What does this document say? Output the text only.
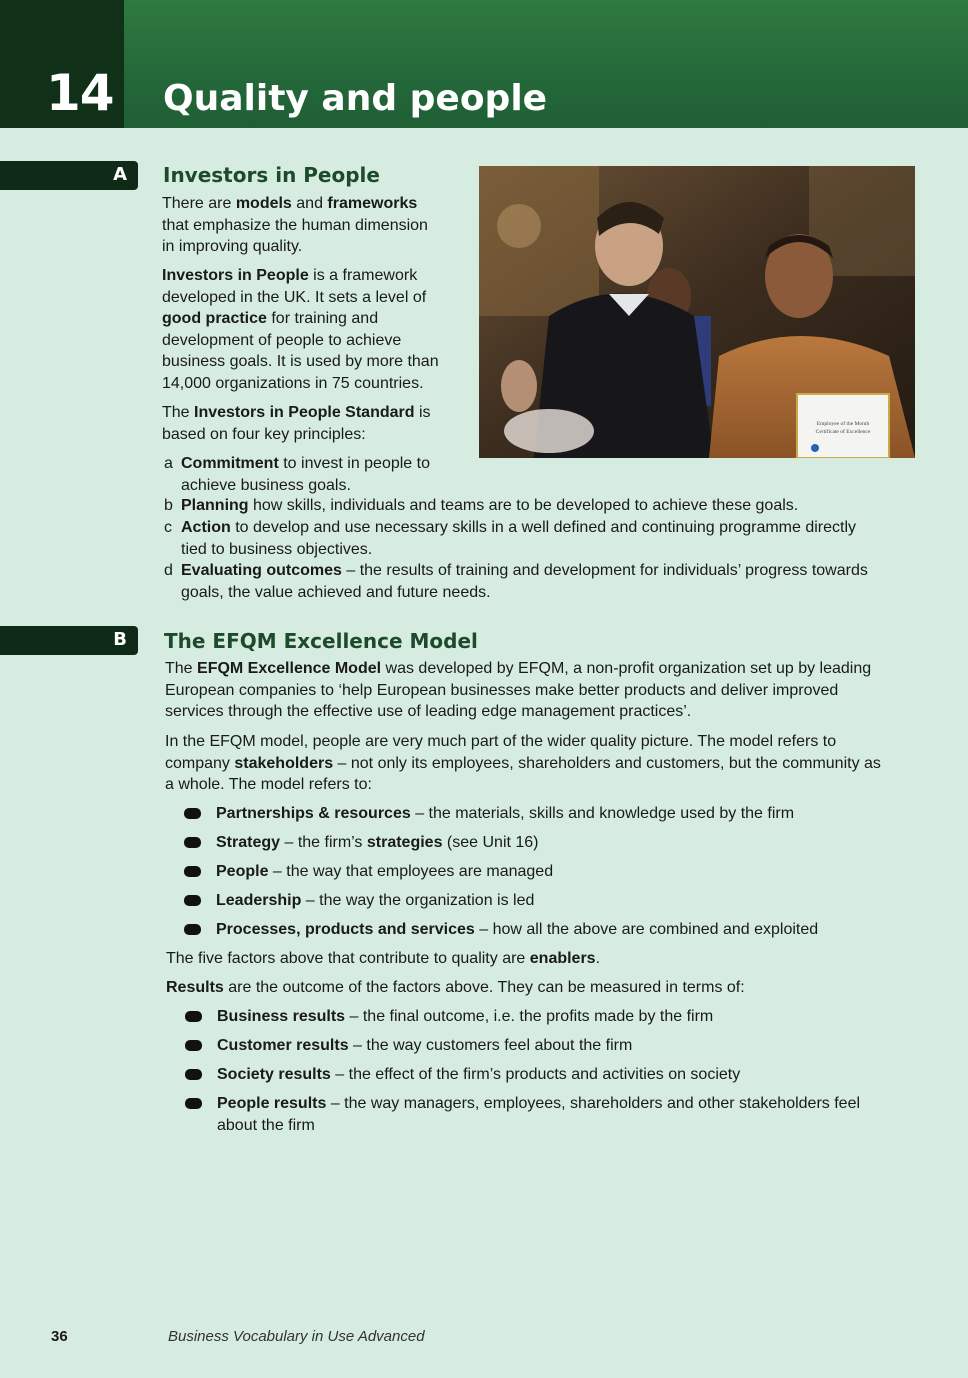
14 Quality and people
A Investors in People
There are models and frameworks
that emphasize the human dimension
in improving quality.
Investors in People is a framework
developed in the UK. It sets a level of
good practice for training and
development of people to achieve
business goals. It is used by more than
14,000 organizations in 75 countries.
The Investors in People Standard is
based on four key principles:
a Commitment to invest in people to
achieve business goals.
b Planning how skills, individuals and teams are to be developed to achieve these goals.
c Action to develop and use necessary skills in a well defined and continuing programme directly
tied to business objectives.
d Evaluating outcomes – the results of training and development for individuals’ progress towards
goals, the value achieved and future needs.
Employee of the Month
Certificate of Excellence
B The EFQM Excellence Model
The EFQM Excellence Model was developed by EFQM, a non-profit organization set up by leading
European companies to ‘help European businesses make better products and deliver improved
services through the effective use of leading edge management practices’.
In the EFQM model, people are very much part of the wider quality picture. The model refers to
company stakeholders – not only its employees, shareholders and customers, but the community as
a whole. The model refers to:
Partnerships & resources – the materials, skills and knowledge used by the firm
Strategy – the firm’s strategies (see Unit 16)
People – the way that employees are managed
Leadership – the way the organization is led
Processes, products and services – how all the above are combined and exploited
The five factors above that contribute to quality are enablers.
Results are the outcome of the factors above. They can be measured in terms of:
Business results – the final outcome, i.e. the profits made by the firm
Customer results – the way customers feel about the firm
Society results – the effect of the firm’s products and activities on society
People results – the way managers, employees, shareholders and other stakeholders feel
about the firm
36	Business Vocabulary in Use Advanced
